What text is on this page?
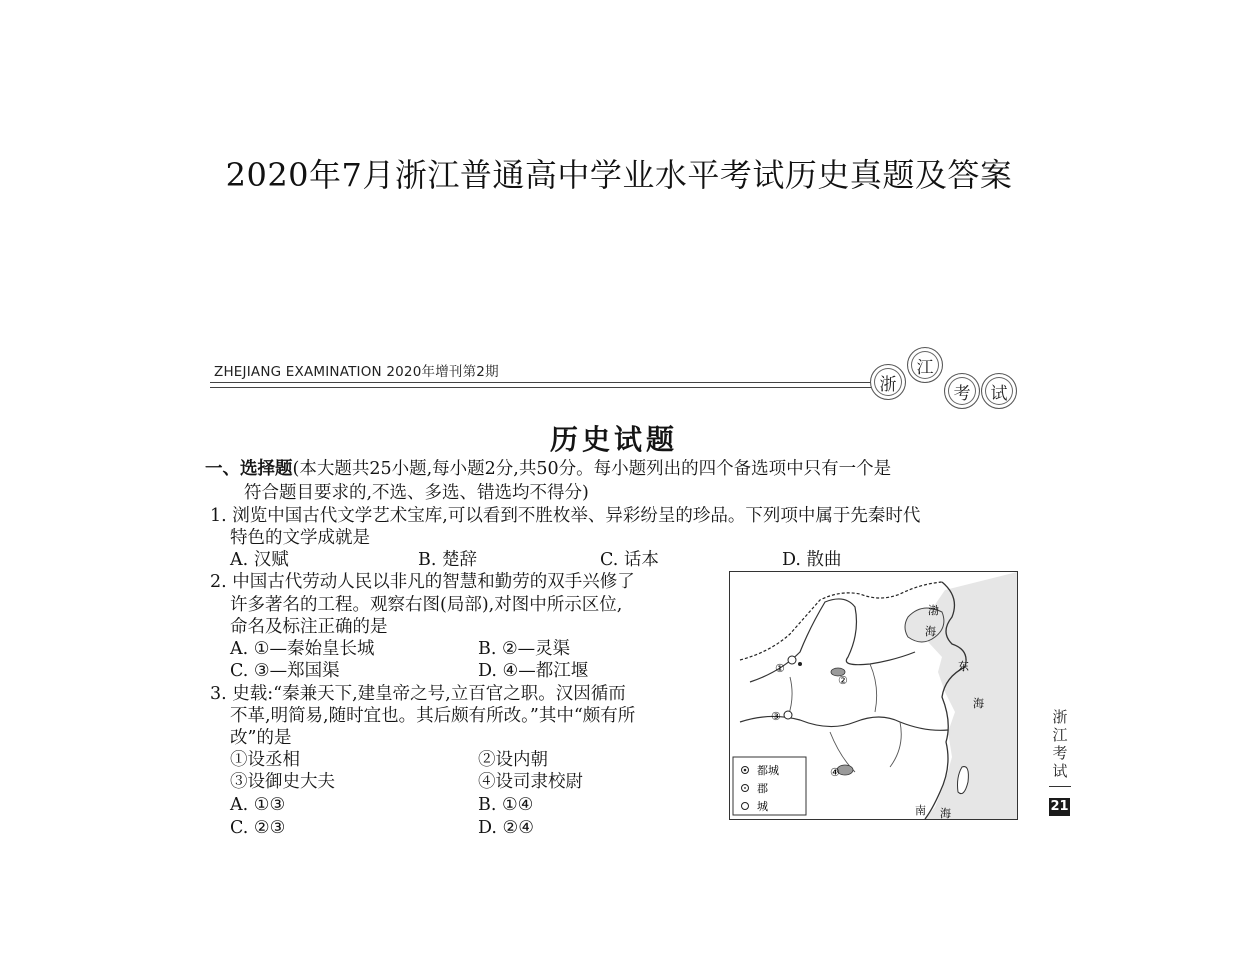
2020年7月浙江普通高中学业水平考试历史真题及答案
ZHEJIANG EXAMINATION 2020年增刊第2期
浙
江
考	试
历史试题
一、选择题(本大题共25小题,每小题2分,共50分。每小题列出的四个备选项中只有一个是
符合题目要求的,不选、多选、错选均不得分)
1. 浏览中国古代文学艺术宝库,可以看到不胜枚举、异彩纷呈的珍品。下列项中属于先秦时代
特色的文学成就是
A. 汉赋	B. 楚辞	C. 话本	D. 散曲
2. 中国古代劳动人民以非凡的智慧和勤劳的双手兴修了
许多著名的工程。观察右图(局部),对图中所示区位,
命名及标注正确的是
A. ①—秦始皇长城	B. ②—灵渠
C. ③—郑国渠	D. ④—都江堰
3. 史载:“秦兼天下,建皇帝之号,立百官之职。汉因循而
不革,明简易,随时宜也。其后颇有所改。”其中“颇有所
改”的是
①设丞相	②设内朝
③设御史大夫	④设司隶校尉
A. ①③	B. ①④
C. ②③	D. ②④
①
②
③
④
渤
海
东
海
南 海
都城
郡
城
浙江考试
21
